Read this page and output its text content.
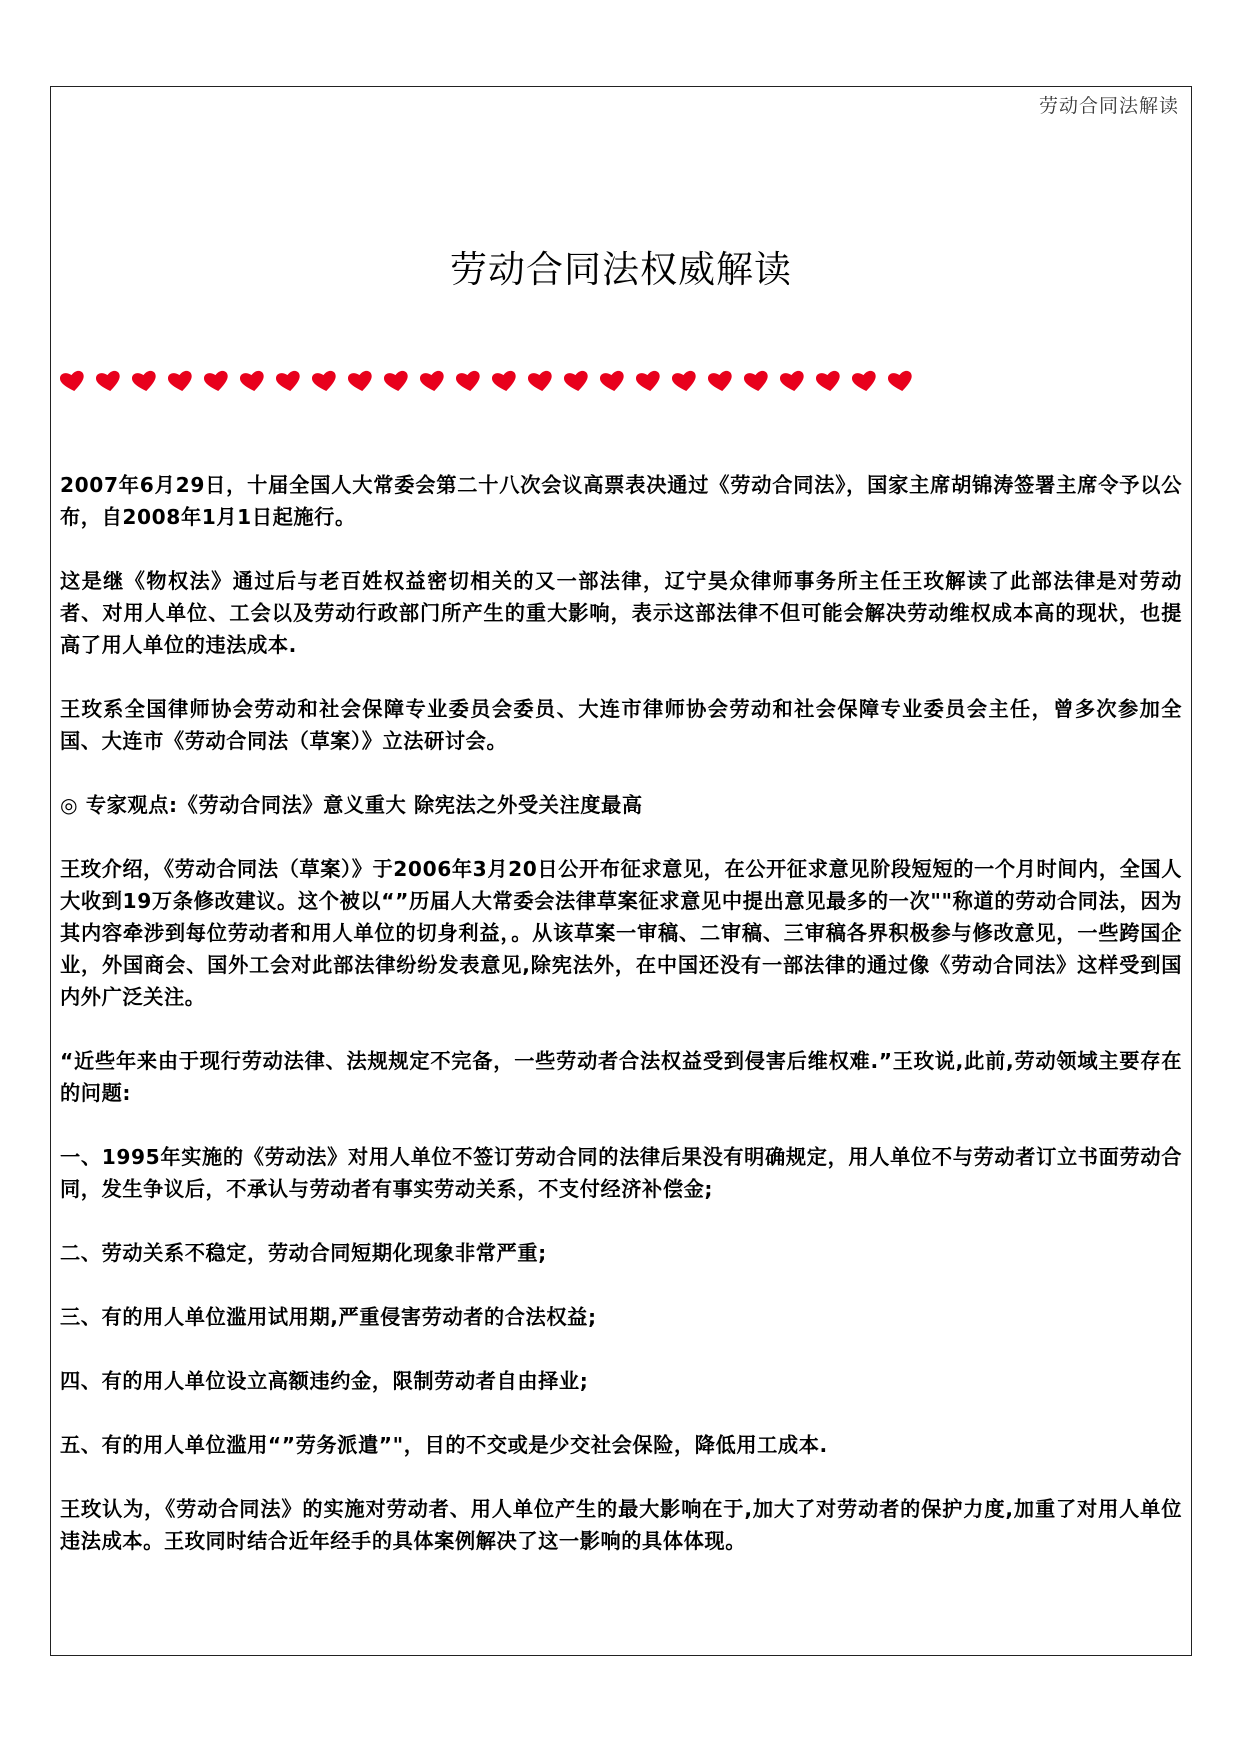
劳动合同法解读
劳动合同法权威解读

2007年6月29日，十届全国人大常委会第二十八次会议高票表决通过《劳动合同法》，国家主席胡锦涛签署主席令予以公布，自2008年1月1日起施行。

这是继《物权法》通过后与老百姓权益密切相关的又一部法律，辽宁昊众律师事务所主任王玫解读了此部法律是对劳动者、对用人单位、工会以及劳动行政部门所产生的重大影响，表示这部法律不但可能会解决劳动维权成本高的现状，也提高了用人单位的违法成本.

王玫系全国律师协会劳动和社会保障专业委员会委员、大连市律师协会劳动和社会保障专业委员会主任，曾多次参加全国、大连市《劳动合同法（草案）》立法研讨会。

◎ 专家观点:《劳动合同法》意义重大 除宪法之外受关注度最高

王玫介绍，《劳动合同法（草案）》于2006年3月20日公开布征求意见，在公开征求意见阶段短短的一个月时间内，全国人大收到19万条修改建议。这个被以“”历届人大常委会法律草案征求意见中提出意见最多的一次""称道的劳动合同法，因为其内容牵涉到每位劳动者和用人单位的切身利益，。从该草案一审稿、二审稿、三审稿各界积极参与修改意见，一些跨国企业，外国商会、国外工会对此部法律纷纷发表意见,除宪法外，在中国还没有一部法律的通过像《劳动合同法》这样受到国内外广泛关注。

“近些年来由于现行劳动法律、法规规定不完备，一些劳动者合法权益受到侵害后维权难.”王玫说,此前,劳动领域主要存在的问题:

一、1995年实施的《劳动法》对用人单位不签订劳动合同的法律后果没有明确规定，用人单位不与劳动者订立书面劳动合同，发生争议后，不承认与劳动者有事实劳动关系，不支付经济补偿金;

二、劳动关系不稳定，劳动合同短期化现象非常严重;

三、有的用人单位滥用试用期,严重侵害劳动者的合法权益;

四、有的用人单位设立高额违约金，限制劳动者自由择业;

五、有的用人单位滥用“”劳务派遣”"，目的不交或是少交社会保险，降低用工成本.

王玫认为，《劳动合同法》的实施对劳动者、用人单位产生的最大影响在于,加大了对劳动者的保护力度,加重了对用人单位违法成本。王玫同时结合近年经手的具体案例解决了这一影响的具体体现。
